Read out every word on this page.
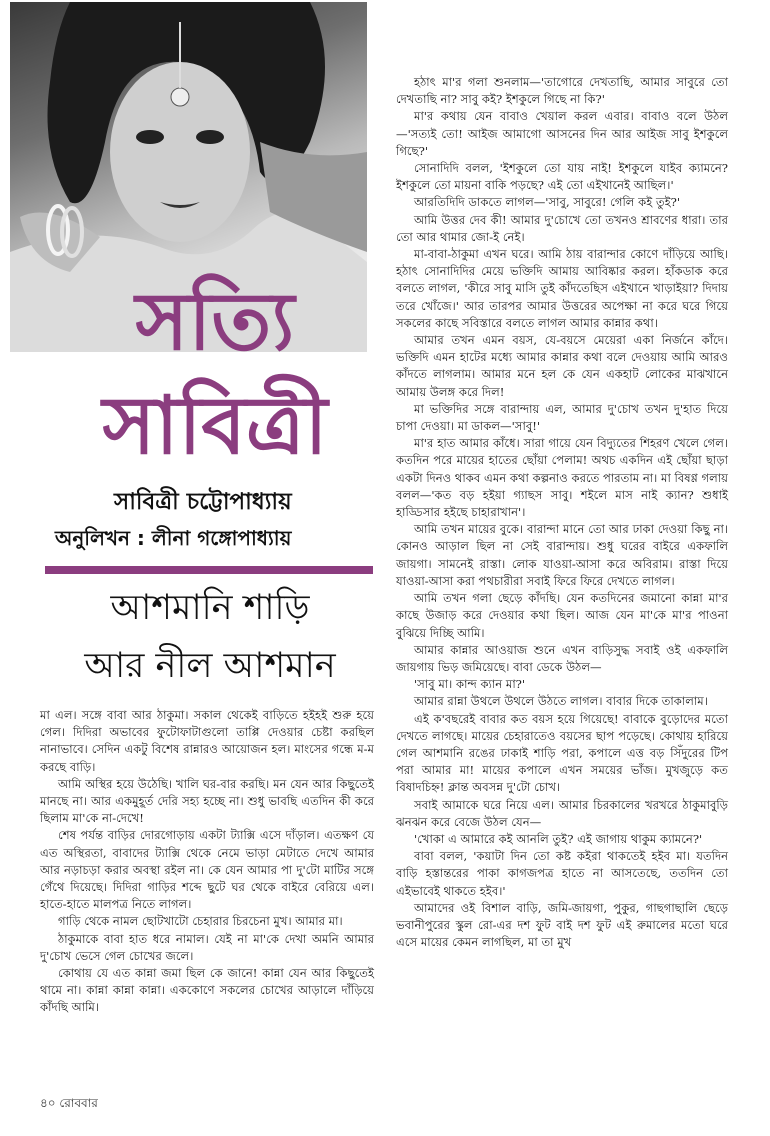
সত্যি
সাবিত্রী
সাবিত্রী চট্টোপাধ্যায়
অনুলিখন : লীনা গঙ্গোপাধ্যায়
আশমানি শাড়ি
আর নীল আশমান

মা এল। সঙ্গে বাবা আর ঠাকুমা। সকাল থেকেই বাড়িতে হইহই শুরু হয়ে গেল। দিদিরা অভাবের ফুটোফাটাগুলো তাপ্পি দেওয়ার চেষ্টা করছিল নানাভাবে। সেদিন একটু বিশেষ রান্নারও আয়োজন হল। মাংসের গন্ধে ম-ম করছে বাড়ি।

আমি অস্থির হয়ে উঠেছি। খালি ঘর-বার করছি। মন যেন আর কিছুতেই মানছে না। আর একমুহূর্ত দেরি সহ্য হচ্ছে না। শুধু ভাবছি এতদিন কী করে ছিলাম মা'কে না-দেখে!

শেষ পর্যন্ত বাড়ির দোরগোড়ায় একটা ট্যাক্সি এসে দাঁড়াল। এতক্ষণ যে এত অস্থিরতা, বাবাদের ট্যাক্সি থেকে নেমে ভাড়া মেটাতে দেখে আমার আর নড়াচড়া করার অবস্থা রইল না। কে যেন আমার পা দু'টো মাটির সঙ্গে গেঁথে দিয়েছে। দিদিরা গাড়ির শব্দে ছুটে ঘর থেকে বাইরে বেরিয়ে এল। হাতে-হাতে মালপত্র নিতে লাগল।

গাড়ি থেকে নামল ছোটখাটো চেহারার চিরচেনা মুখ। আমার মা।

ঠাকুমাকে বাবা হাত ধরে নামাল। যেই না মা'কে দেখা অমনি আমার দু'চোখ ভেসে গেল চোখের জলে।

কোথায় যে এত কান্না জমা ছিল কে জানে! কান্না যেন আর কিছুতেই থামে না। কান্না কান্না কান্না। এককোণে সকলের চোখের আড়ালে দাঁড়িয়ে কাঁদছি আমি।

হঠাৎ মা'র গলা শুনলাম—'তাগোরে দেখতাছি, আমার সাবুরে তো দেখতাছি না? সাবু কই? ইশকুলে গিছে না কি?'

মা'র কথায় যেন বাবাও খেয়াল করল এবার। বাবাও বলে উঠল—'সত্যই তো! আইজ আমাগো আসনের দিন আর আইজ সাবু ইশকুলে গিছে?'

সোনাদিদি বলল, 'ইশকুলে তো যায় নাই! ইশকুলে যাইব ক্যামনে? ইশকুলে তো মায়না বাকি পড়ছে? এই তো এইখানেই আছিল।'

আরতিদিদি ডাকতে লাগল—'সাবু, সাবুরে! গেলি কই তুই?'

আমি উত্তর দেব কী! আমার দু'চোখে তো তখনও শ্রাবণের ধারা। তার তো আর থামার জো-ই নেই।

মা-বাবা-ঠাকুমা এখন ঘরে। আমি ঠায় বারান্দার কোণে দাঁড়িয়ে আছি। হঠাৎ সোনাদিদির মেয়ে ভক্তিদি আমায় আবিষ্কার করল। হাঁকডাক করে বলতে লাগল, 'কীরে সাবু মাসি তুই কাঁদতেছিস এইখানে খাড়াইয়া? দিদায় তরে খোঁজে।' আর তারপর আমার উত্তরের অপেক্ষা না করে ঘরে গিয়ে সকলের কাছে সবিস্তারে বলতে লাগল আমার কান্নার কথা।

আমার তখন এমন বয়স, যে-বয়সে মেয়েরা একা নির্জনে কাঁদে। ভক্তিদি এমন হাটের মধ্যে আমার কান্নার কথা বলে দেওয়ায় আমি আরও কাঁদতে লাগলাম। আমার মনে হল কে যেন একহাট লোকের মাঝখানে আমায় উলঙ্গ করে দিল!

মা ভক্তিদির সঙ্গে বারান্দায় এল, আমার দু'চোখ তখন দু'হাত দিয়ে চাপা দেওয়া। মা ডাকল—'সাবু!'

মা'র হাত আমার কাঁধে। সারা গায়ে যেন বিদ্যুতের শিহরণ খেলে গেল। কতদিন পরে মায়ের হাতের ছোঁয়া পেলাম! অথচ একদিন এই ছোঁয়া ছাড়া একটা দিনও থাকব এমন কথা কল্পনাও করতে পারতাম না। মা বিষণ্ণ গলায় বলল—'কত বড় হইয়া গ্যাছস সাবু। শইলে মাস নাই ক্যান? শুধাই হাড্ডিসার হইছে চাহারাখান'।

আমি তখন মায়ের বুকে। বারান্দা মানে তো আর ঢাকা দেওয়া কিছু না। কোনও আড়াল ছিল না সেই বারান্দায়। শুধু ঘরের বাইরে একফালি জায়গা। সামনেই রাস্তা। লোক যাওয়া-আসা করে অবিরাম। রাস্তা দিয়ে যাওয়া-আসা করা পথচারীরা সবাই ফিরে ফিরে দেখতে লাগল।

আমি তখন গলা ছেড়ে কাঁদছি। যেন কতদিনের জমানো কান্না মা'র কাছে উজাড় করে দেওয়ার কথা ছিল। আজ যেন মা'কে মা'র পাওনা বুঝিয়ে দিচ্ছি আমি।

আমার কান্নার আওয়াজ শুনে এখন বাড়িসুদ্ধ সবাই ওই একফালি জায়গায় ভিড় জমিয়েছে। বাবা ডেকে উঠল—

'সাবু মা। কান্দ ক্যান মা?'

আমার রান্না উথলে উথলে উঠতে লাগল। বাবার দিকে তাকালাম।

এই ক'বছরেই বাবার কত বয়স হয়ে গিয়েছে! বাবাকে বুড়োদের মতো দেখতে লাগছে। মায়ের চেহারাতেও বয়সের ছাপ পড়েছে। কোথায় হারিয়ে গেল আশমানি রঙের ঢাকাই শাড়ি পরা, কপালে এত্ত বড় সিঁদুরের টিপ পরা আমার মা! মায়ের কপালে এখন সময়ের ভাঁজ। মুখজুড়ে কত বিষাদচিহ্ন! ক্লান্ত অবসন্ন দু'টো চোখ।

সবাই আমাকে ঘরে নিয়ে এল। আমার চিরকালের খরখরে ঠাকুমাবুড়ি ঝনঝন করে বেজে উঠল যেন—

'খোকা এ আমারে কই আনলি তুই? এই জাগায় থাকুম ক্যামনে?'

বাবা বলল, 'কয়াটা দিন তো কষ্ট কইরা থাকতেই হইব মা। যতদিন বাড়ি হস্তান্তরের পাকা কাগজপত্র হাতে না আসতেছে, ততদিন তো এইভাবেই থাকতে হইব।'

আমাদের ওই বিশাল বাড়ি, জমি-জায়গা, পুকুর, গাছগাছালি ছেড়ে ভবানীপুরের স্কুল রো-এর দশ ফুট বাই দশ ফুট এই রুমালের মতো ঘরে এসে মায়ের কেমন লাগছিল, মা তা মুখ

৪০ রোববার
